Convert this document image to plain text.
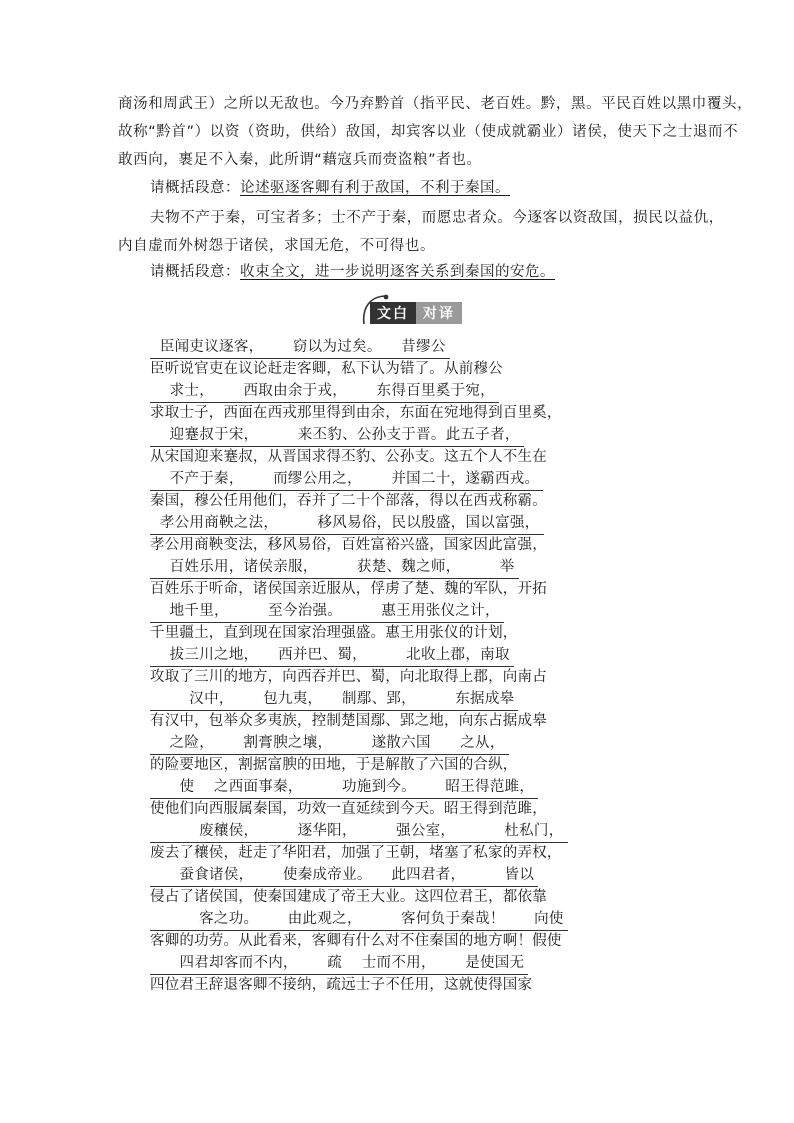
商汤和周武王）之所以无敌也。今乃弃黔首（指平民、老百姓。黔，黑。平民百姓以黑巾覆头，
故称“黔首”）以资（资助，供给）敌国，却宾客以业（使成就霸业）诸侯，使天下之士退而不
敢西向，裹足不入秦，此所谓“藉寇兵而赍盗粮”者也。
请概括段意：论述驱逐客卿有利于敌国，不利于秦国。
夫物不产于秦，可宝者多；士不产于秦，而愿忠者众。今逐客以资敌国，损民以益仇，
内自虚而外树怨于诸侯，求国无危，不可得也。
请概括段意：收束全文，进一步说明逐客关系到秦国的安危。
文白	对译
臣闻吏议逐客，      窃以为过矣。    昔缪公
臣听说官吏在议论赶走客卿，私下认为错了。从前穆公
求士，      西取由余于戎，      东得百里奚于宛，
求取士子，西面在西戎那里得到由余，东面在宛地得到百里奚，
迎蹇叔于宋，        来丕豹、公孙支于晋。此五子者，
从宋国迎来蹇叔，从晋国求得丕豹、公孙支。这五个人不生在
不产于秦，      而缪公用之，      并国二十，遂霸西戎。
秦国，穆公任用他们，吞并了二十个部落，得以在西戎称霸。
孝公用商鞅之法，        移风易俗，民以殷盛，国以富强，
孝公用商鞅变法，移风易俗，百姓富裕兴盛，国家因此富强，
百姓乐用，诸侯亲服，        获楚、魏之师，        举
百姓乐于听命，诸侯国亲近服从，俘虏了楚、魏的军队，开拓
地千里，        至今治强。        惠王用张仪之计，
千里疆土，直到现在国家治理强盛。惠王用张仪的计划，
拔三川之地，    西并巴、蜀，        北收上郡，南取
攻取了三川的地方，向西吞并巴、蜀，向北取得上郡，向南占
汉中，      包九夷，    制鄢、郢，        东据成皋
有汉中，包举众多夷族，控制楚国鄢、郢之地，向东占据成皋
之险，      割膏腴之壤，        遂散六国      之从，
的险要地区，割据富腴的田地，于是解散了六国的合纵，
使    之西面事秦，        功施到今。      昭王得范雎，
使他们向西服属秦国，功效一直延续到今天。昭王得到范雎，
废穰侯，        逐华阳，        强公室，          杜私门，
废去了穰侯，赶走了华阳君，加强了王朝，堵塞了私家的弄权，
蚕食诸侯，      使秦成帝业。    此四君者，        皆以
侵占了诸侯国，使秦国建成了帝王大业。这四位君王，都依靠
客之功。      由此观之，        客何负于秦哉！      向使
客卿的功劳。从此看来，客卿有什么对不住秦国的地方啊！假使
四君却客而不内，      疏    士而不用，      是使国无
四位君王辞退客卿不接纳，疏远士子不任用，这就使得国家
